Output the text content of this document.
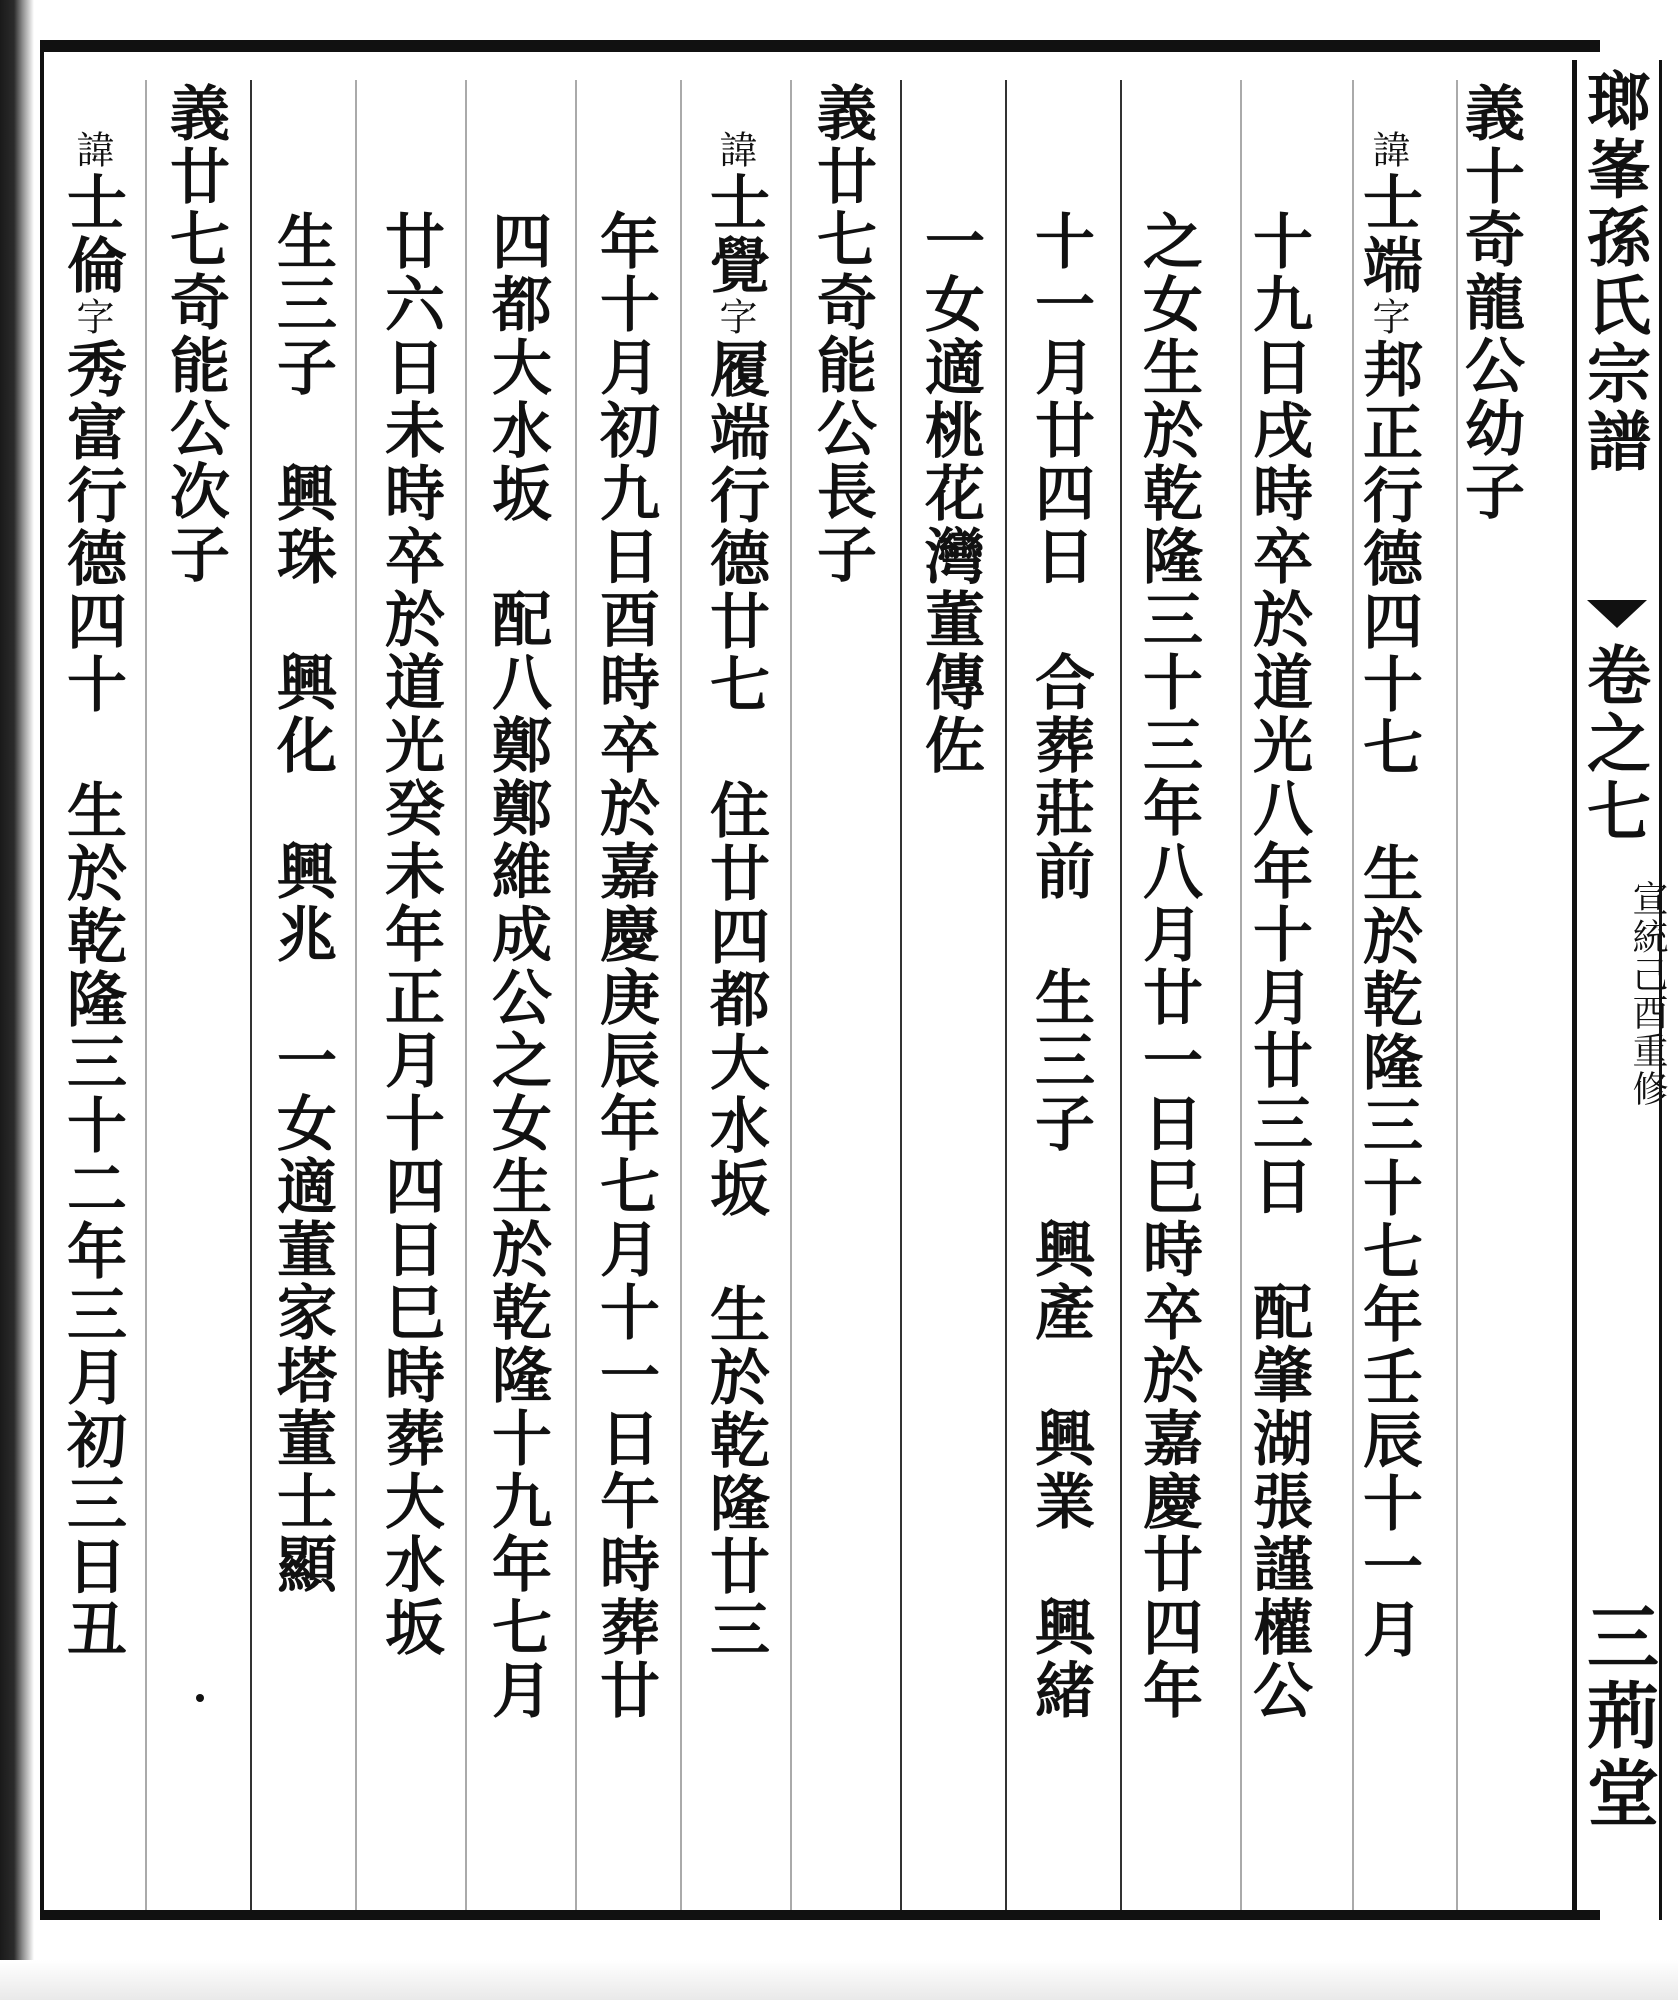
瑯峯孫氏宗譜
卷之七
宣統己酉重修
三荊堂
義十奇龍公幼子
諱士端字邦正行德四十七　生於乾隆三十七年壬辰十一月
十九日戌時卒於道光八年十月廿三日　配肇湖張謹權公
之女生於乾隆三十三年八月廿一日巳時卒於嘉慶廿四年
十一月廿四日　合葬莊前　生三子　興產　興業　興緒
一女適桃花灣董傳佐
義廿七奇能公長子
諱士覺字履端行德廿七　住廿四都大水坂　生於乾隆廿三
年十月初九日酉時卒於嘉慶庚辰年七月十一日午時葬廿
四都大水坂　配八鄭鄭維成公之女生於乾隆十九年七月
廿六日未時卒於道光癸未年正月十四日巳時葬大水坂
生三子　興珠　興化　興兆　一女適董家塔董士顯
義廿七奇能公次子
諱士倫字秀富行德四十　生於乾隆三十二年三月初三日丑
